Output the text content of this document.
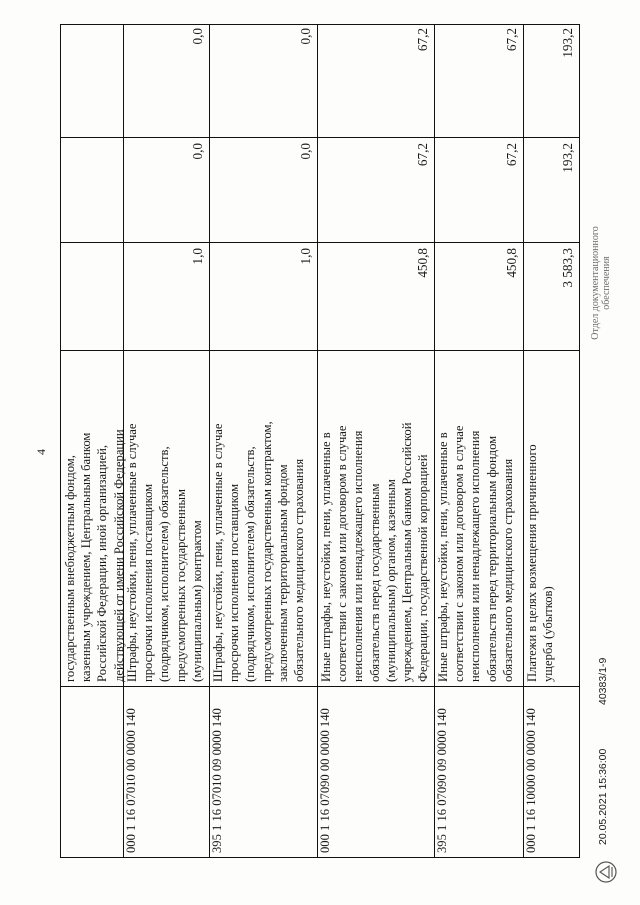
4
государственным внебюджетным фондом,
казенным учреждением, Центральным банком
Российской Федерации, иной организацией,
действующей от имени Российской Федерации
000 1 16 07010 00 0000 140
Штрафы, неустойки, пени, уплаченные в случае
просрочки исполнения поставщиком
(подрядчиком, исполнителем) обязательств,
предусмотренных государственным
(муниципальным) контрактом
1,0
0,0
0,0
395 1 16 07010 09 0000 140
Штрафы, неустойки, пени, уплаченные в случае
просрочки исполнения поставщиком
(подрядчиком, исполнителем) обязательств,
предусмотренных государственным контрактом,
заключенным территориальным фондом
обязательного медицинского страхования
1,0
0,0
0,0
000 1 16 07090 00 0000 140
Иные штрафы, неустойки, пени, уплаченные в
соответствии с законом или договором в случае
неисполнения или ненадлежащего исполнения
обязательств перед государственным
(муниципальным) органом, казенным
учреждением, Центральным банком Российской
Федерации, государственной корпорацией
450,8
67,2
67,2
395 1 16 07090 09 0000 140
Иные штрафы, неустойки, пени, уплаченные в
соответствии с законом или договором в случае
неисполнения или ненадлежащего исполнения
обязательств перед территориальным фондом
обязательного медицинского страхования
450,8
67,2
67,2
000 1 16 10000 00 0000 140
Платежи в целях возмещения причиненного
ущерба (убытков)
3 583,3
193,2
193,2
20.05.2021 15:36:00
40383/1-9
Отдел документационного
обеспечения
